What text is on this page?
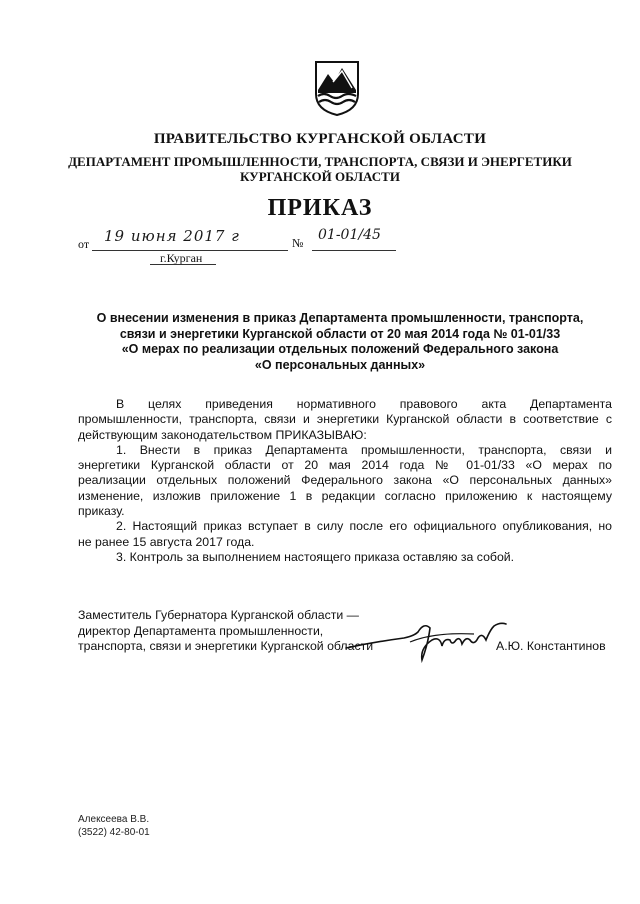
ПРАВИТЕЛЬСТВО КУРГАНСКОЙ ОБЛАСТИ
ДЕПАРТАМЕНТ ПРОМЫШЛЕННОСТИ, ТРАНСПОРТА, СВЯЗИ И ЭНЕРГЕТИКИ
КУРГАНСКОЙ ОБЛАСТИ
ПРИКАЗ
от 19 июня 2017 г	№ 01-01/45
г.Курган
О внесении изменения в приказ Департамента промышленности, транспорта,
связи и энергетики Курганской области от 20 мая 2014 года № 01-01/33
«О мерах по реализации отдельных положений Федерального закона
«О персональных данных»
В целях приведения нормативного правового акта Департамента
промышленности, транспорта, связи и энергетики Курганской области в соответствие с
действующим законодательством ПРИКАЗЫВАЮ:
1. Внести в приказ Департамента промышленности, транспорта, связи и
энергетики Курганской области от 20 мая 2014 года № 01-01/33 «О мерах по
реализации отдельных положений Федерального закона «О персональных данных»
изменение, изложив приложение 1 в редакции согласно приложению к настоящему
приказу.
2. Настоящий приказ вступает в силу после его официального опубликования, но
не ранее 15 августа 2017 года.
3. Контроль за выполнением настоящего приказа оставляю за собой.
Заместитель Губернатора Курганской области —
директор Департамента промышленности,
транспорта, связи и энергетики Курганской области	А.Ю. Константинов
Алексеева В.В.
(3522) 42-80-01
